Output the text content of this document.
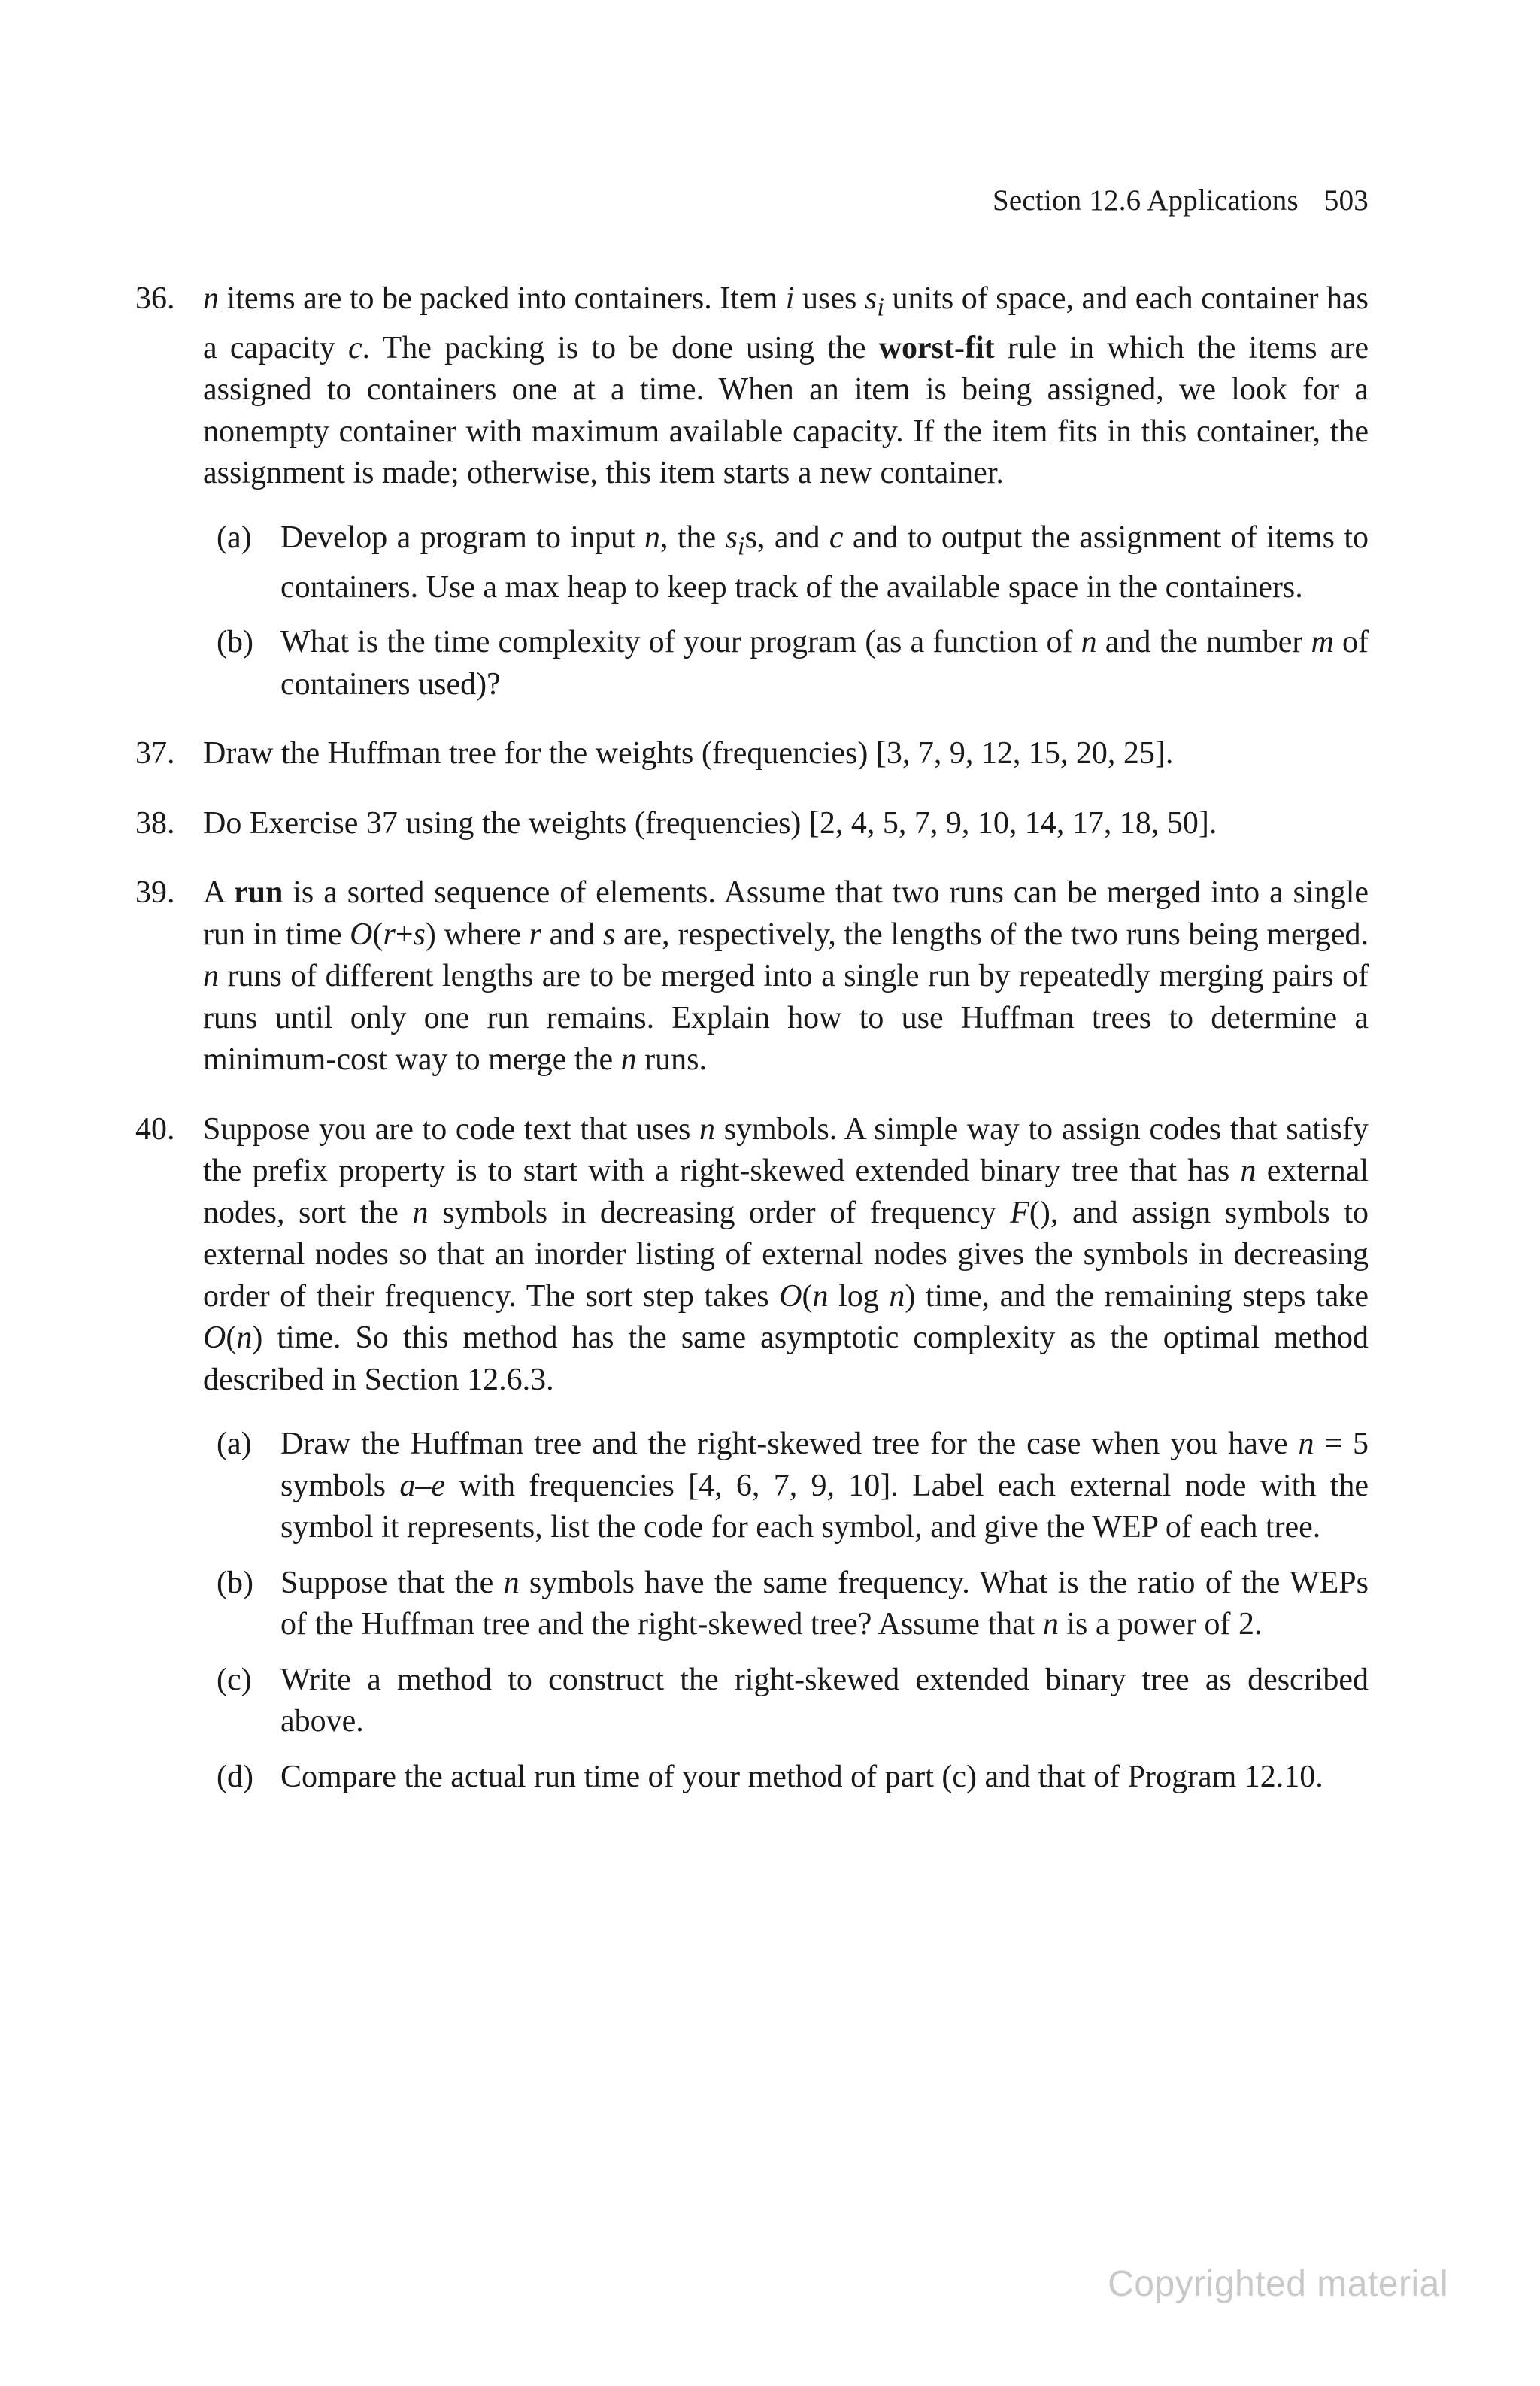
Section 12.6 Applications 503
36. n items are to be packed into containers. Item i uses $s_i$ units of space, and each container has a capacity c. The packing is to be done using the worst-fit rule in which the items are assigned to containers one at a time. When an item is being assigned, we look for a nonempty container with maximum available capacity. If the item fits in this container, the assignment is made; otherwise, this item starts a new container.
(a) Develop a program to input n, the $s_is$, and c and to output the assignment of items to containers. Use a max heap to keep track of the available space in the containers.
(b) What is the time complexity of your program (as a function of n and the number m of containers used)?
37. Draw the Huffman tree for the weights (frequencies) [3, 7, 9, 12, 15, 20, 25].
38. Do Exercise 37 using the weights (frequencies) [2, 4, 5, 7, 9, 10, 14, 17, 18, 50].
39. A run is a sorted sequence of elements. Assume that two runs can be merged into a single run in time O(r+s) where r and s are, respectively, the lengths of the two runs being merged. n runs of different lengths are to be merged into a single run by repeatedly merging pairs of runs until only one run remains. Explain how to use Huffman trees to determine a minimum-cost way to merge the n runs.
40. Suppose you are to code text that uses n symbols. A simple way to assign codes that satisfy the prefix property is to start with a right-skewed extended binary tree that has n external nodes, sort the n symbols in decreasing order of frequency F(), and assign symbols to external nodes so that an inorder listing of external nodes gives the symbols in decreasing order of their frequency. The sort step takes O(n log n) time, and the remaining steps take O(n) time. So this method has the same asymptotic complexity as the optimal method described in Section 12.6.3.
(a) Draw the Huffman tree and the right-skewed tree for the case when you have n = 5 symbols a–e with frequencies [4, 6, 7, 9, 10]. Label each external node with the symbol it represents, list the code for each symbol, and give the WEP of each tree.
(b) Suppose that the n symbols have the same frequency. What is the ratio of the WEPs of the Huffman tree and the right-skewed tree? Assume that n is a power of 2.
(c) Write a method to construct the right-skewed extended binary tree as described above.
(d) Compare the actual run time of your method of part (c) and that of Program 12.10.
Copyrighted material
